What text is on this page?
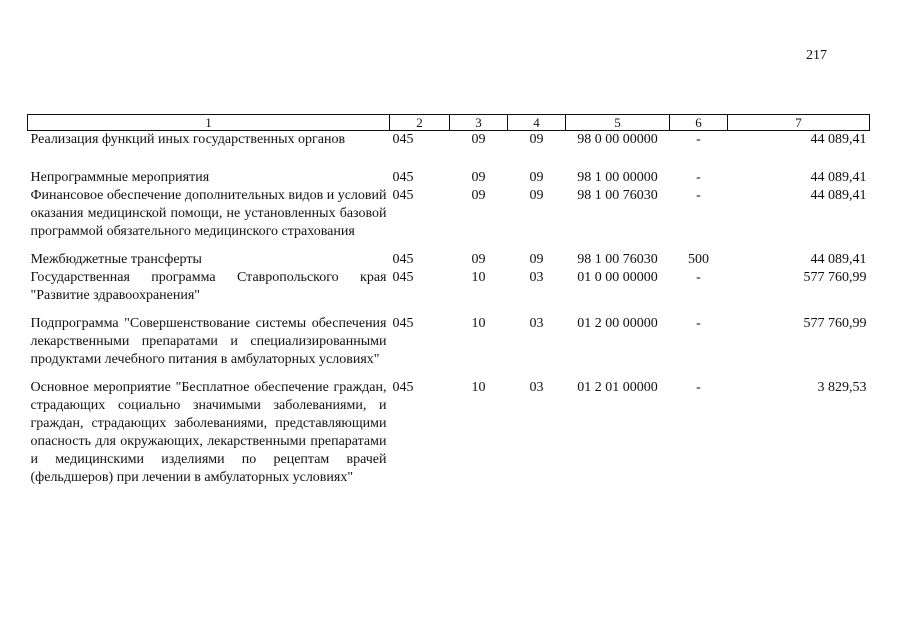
217
1	2	3	4	5	6	7
Реализация функций иных государственных органов	045	09	09	98 0 00 00000	-	44 089,41
Непрограммные мероприятия	045	09	09	98 1 00 00000	-	44 089,41
Финансовое обеспечение дополнительных видов и условий оказания медицинской помощи, не установленных базовой программой обязательного медицинского страхования	045	09	09	98 1 00 76030	-	44 089,41
Межбюджетные трансферты	045	09	09	98 1 00 76030	500	44 089,41
Государственная программа Ставропольского края "Развитие здравоохранения"	045	10	03	01 0 00 00000	-	577 760,99
Подпрограмма "Совершенствование системы обеспечения лекарственными препаратами и специализированными продуктами лечебного питания в амбулаторных условиях"	045	10	03	01 2 00 00000	-	577 760,99
Основное мероприятие "Бесплатное обеспечение граждан, страдающих социально значимыми заболеваниями, и граждан, страдающих заболеваниями, представляющими опасность для окружающих, лекарственными препаратами и медицинскими изделиями по рецептам врачей (фельдшеров) при лечении в амбулаторных условиях"	045	10	03	01 2 01 00000	-	3 829,53
